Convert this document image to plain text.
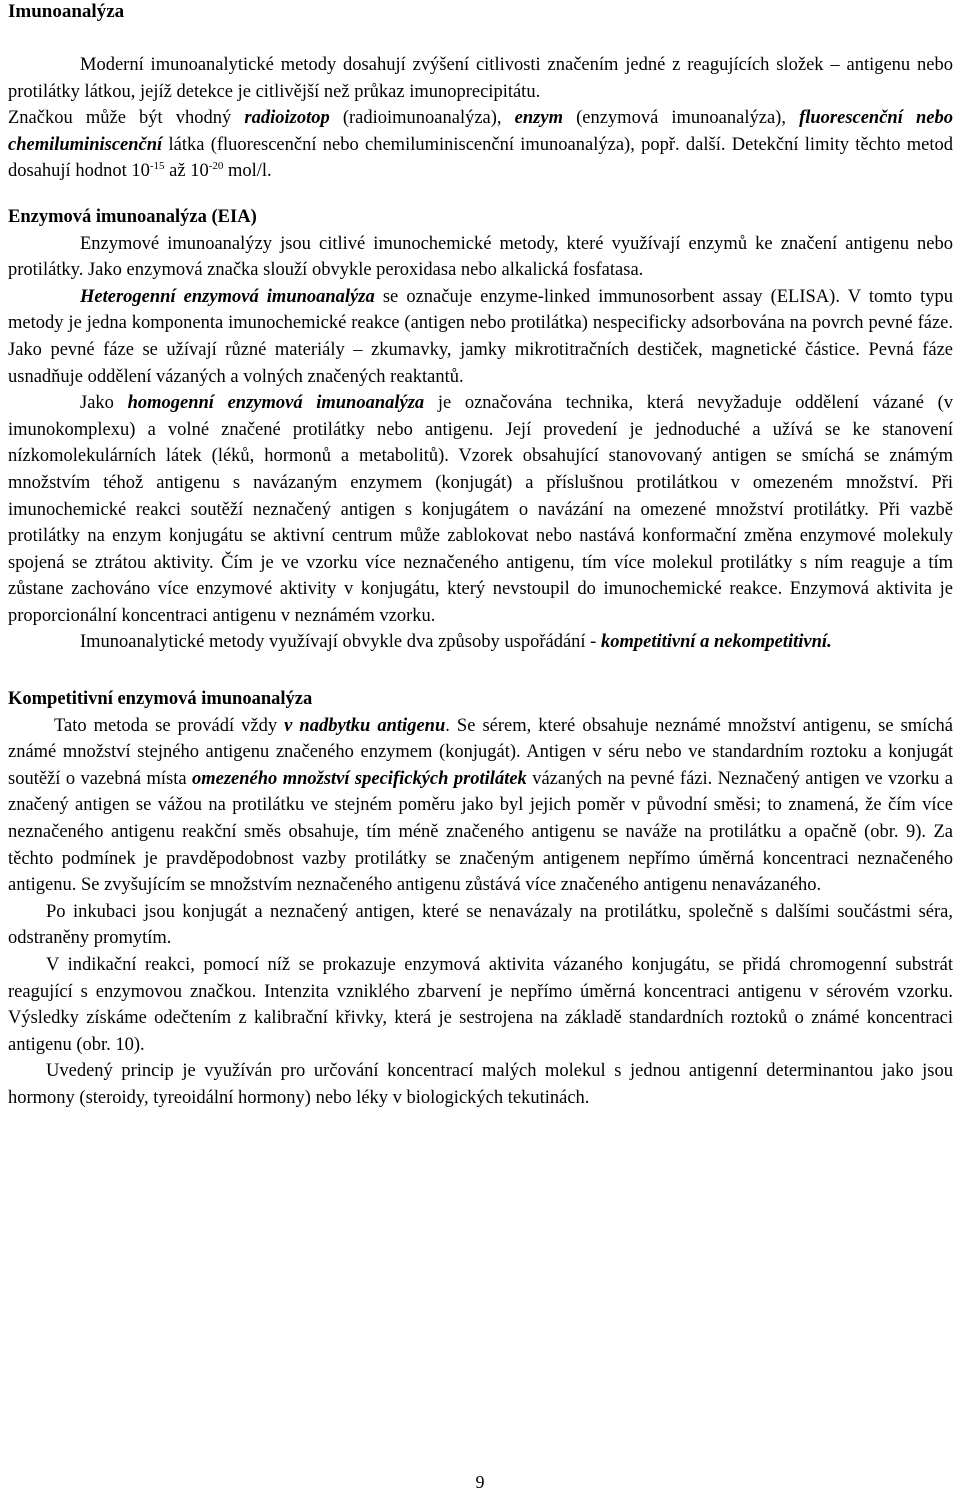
Imunoanalýza

Moderní imunoanalytické metody dosahují zvýšení citlivosti značením jedné z reagujících složek – antigenu nebo protilátky látkou, jejíž detekce je citlivější než průkaz imunoprecipitátu.

Značkou může být vhodný radioizotop (radioimunoanalýza), enzym (enzymová imunoanalýza), fluorescenční nebo chemiluminiscenční látka (fluorescenční nebo chemiluminiscenční imunoanalýza), popř. další. Detekční limity těchto metod dosahují hodnot $10^{-15}$ až $10^{-20}$ mol/l.

Enzymová imunoanalýza (EIA)

Enzymové imunoanalýzy jsou citlivé imunochemické metody, které využívají enzymů ke značení antigenu nebo protilátky. Jako enzymová značka slouží obvykle peroxidasa nebo alkalická fosfatasa.

Heterogenní enzymová imunoanalýza se označuje enzyme-linked immunosorbent assay (ELISA). V tomto typu metody je jedna komponenta imunochemické reakce (antigen nebo protilátka) nespecificky adsorbována na povrch pevné fáze. Jako pevné fáze se užívají různé materiály – zkumavky, jamky mikrotitračních destiček, magnetické částice. Pevná fáze usnadňuje oddělení vázaných a volných značených reaktantů.

Jako homogenní enzymová imunoanalýza je označována technika, která nevyžaduje oddělení vázané (v imunokomplexu) a volné značené protilátky nebo antigenu. Její provedení je jednoduché a užívá se ke stanovení nízkomolekulárních látek (léků, hormonů a metabolitů). Vzorek obsahující stanovovaný antigen se smíchá se známým množstvím téhož antigenu s navázaným enzymem (konjugát) a příslušnou protilátkou v omezeném množství. Při imunochemické reakci soutěží neznačený antigen s konjugátem o navázání na omezené množství protilátky. Při vazbě protilátky na enzym konjugátu se aktivní centrum může zablokovat nebo nastává konformační změna enzymové molekuly spojená se ztrátou aktivity. Čím je ve vzorku více neznačeného antigenu, tím více molekul protilátky s ním reaguje a tím zůstane zachováno více enzymové aktivity v konjugátu, který nevstoupil do imunochemické reakce. Enzymová aktivita je proporcionální koncentraci antigenu v neznámém vzorku.

Imunoanalytické metody využívají obvykle dva způsoby uspořádání - kompetitivní a nekompetitivní.

Kompetitivní enzymová imunoanalýza

Tato metoda se provádí vždy v nadbytku antigenu. Se sérem, které obsahuje neznámé množství antigenu, se smíchá známé množství stejného antigenu značeného enzymem (konjugát). Antigen v séru nebo ve standardním roztoku a konjugát soutěží o vazebná místa omezeného množství specifických protilátek vázaných na pevné fázi. Neznačený antigen ve vzorku a značený antigen se vážou na protilátku ve stejném poměru jako byl jejich poměr v původní směsi; to znamená, že čím více neznačeného antigenu reakční směs obsahuje, tím méně značeného antigenu se naváže na protilátku a opačně (obr. 9). Za těchto podmínek je pravděpodobnost vazby protilátky se značeným antigenem nepřímo úměrná koncentraci neznačeného antigenu. Se zvyšujícím se množstvím neznačeného antigenu zůstává více značeného antigenu nenavázaného.

Po inkubaci jsou konjugát a neznačený antigen, které se nenavázaly na protilátku, společně s dalšími součástmi séra, odstraněny promytím.

V indikační reakci, pomocí níž se prokazuje enzymová aktivita vázaného konjugátu, se přidá chromogenní substrát reagující s enzymovou značkou. Intenzita vzniklého zbarvení je nepřímo úměrná koncentraci antigenu v sérovém vzorku. Výsledky získáme odečtením z kalibrační křivky, která je sestrojena na základě standardních roztoků o známé koncentraci antigenu (obr. 10).

Uvedený princip je využíván pro určování koncentrací malých molekul s jednou antigenní determinantou jako jsou hormony (steroidy, tyreoidální hormony) nebo léky v biologických tekutinách.

9
